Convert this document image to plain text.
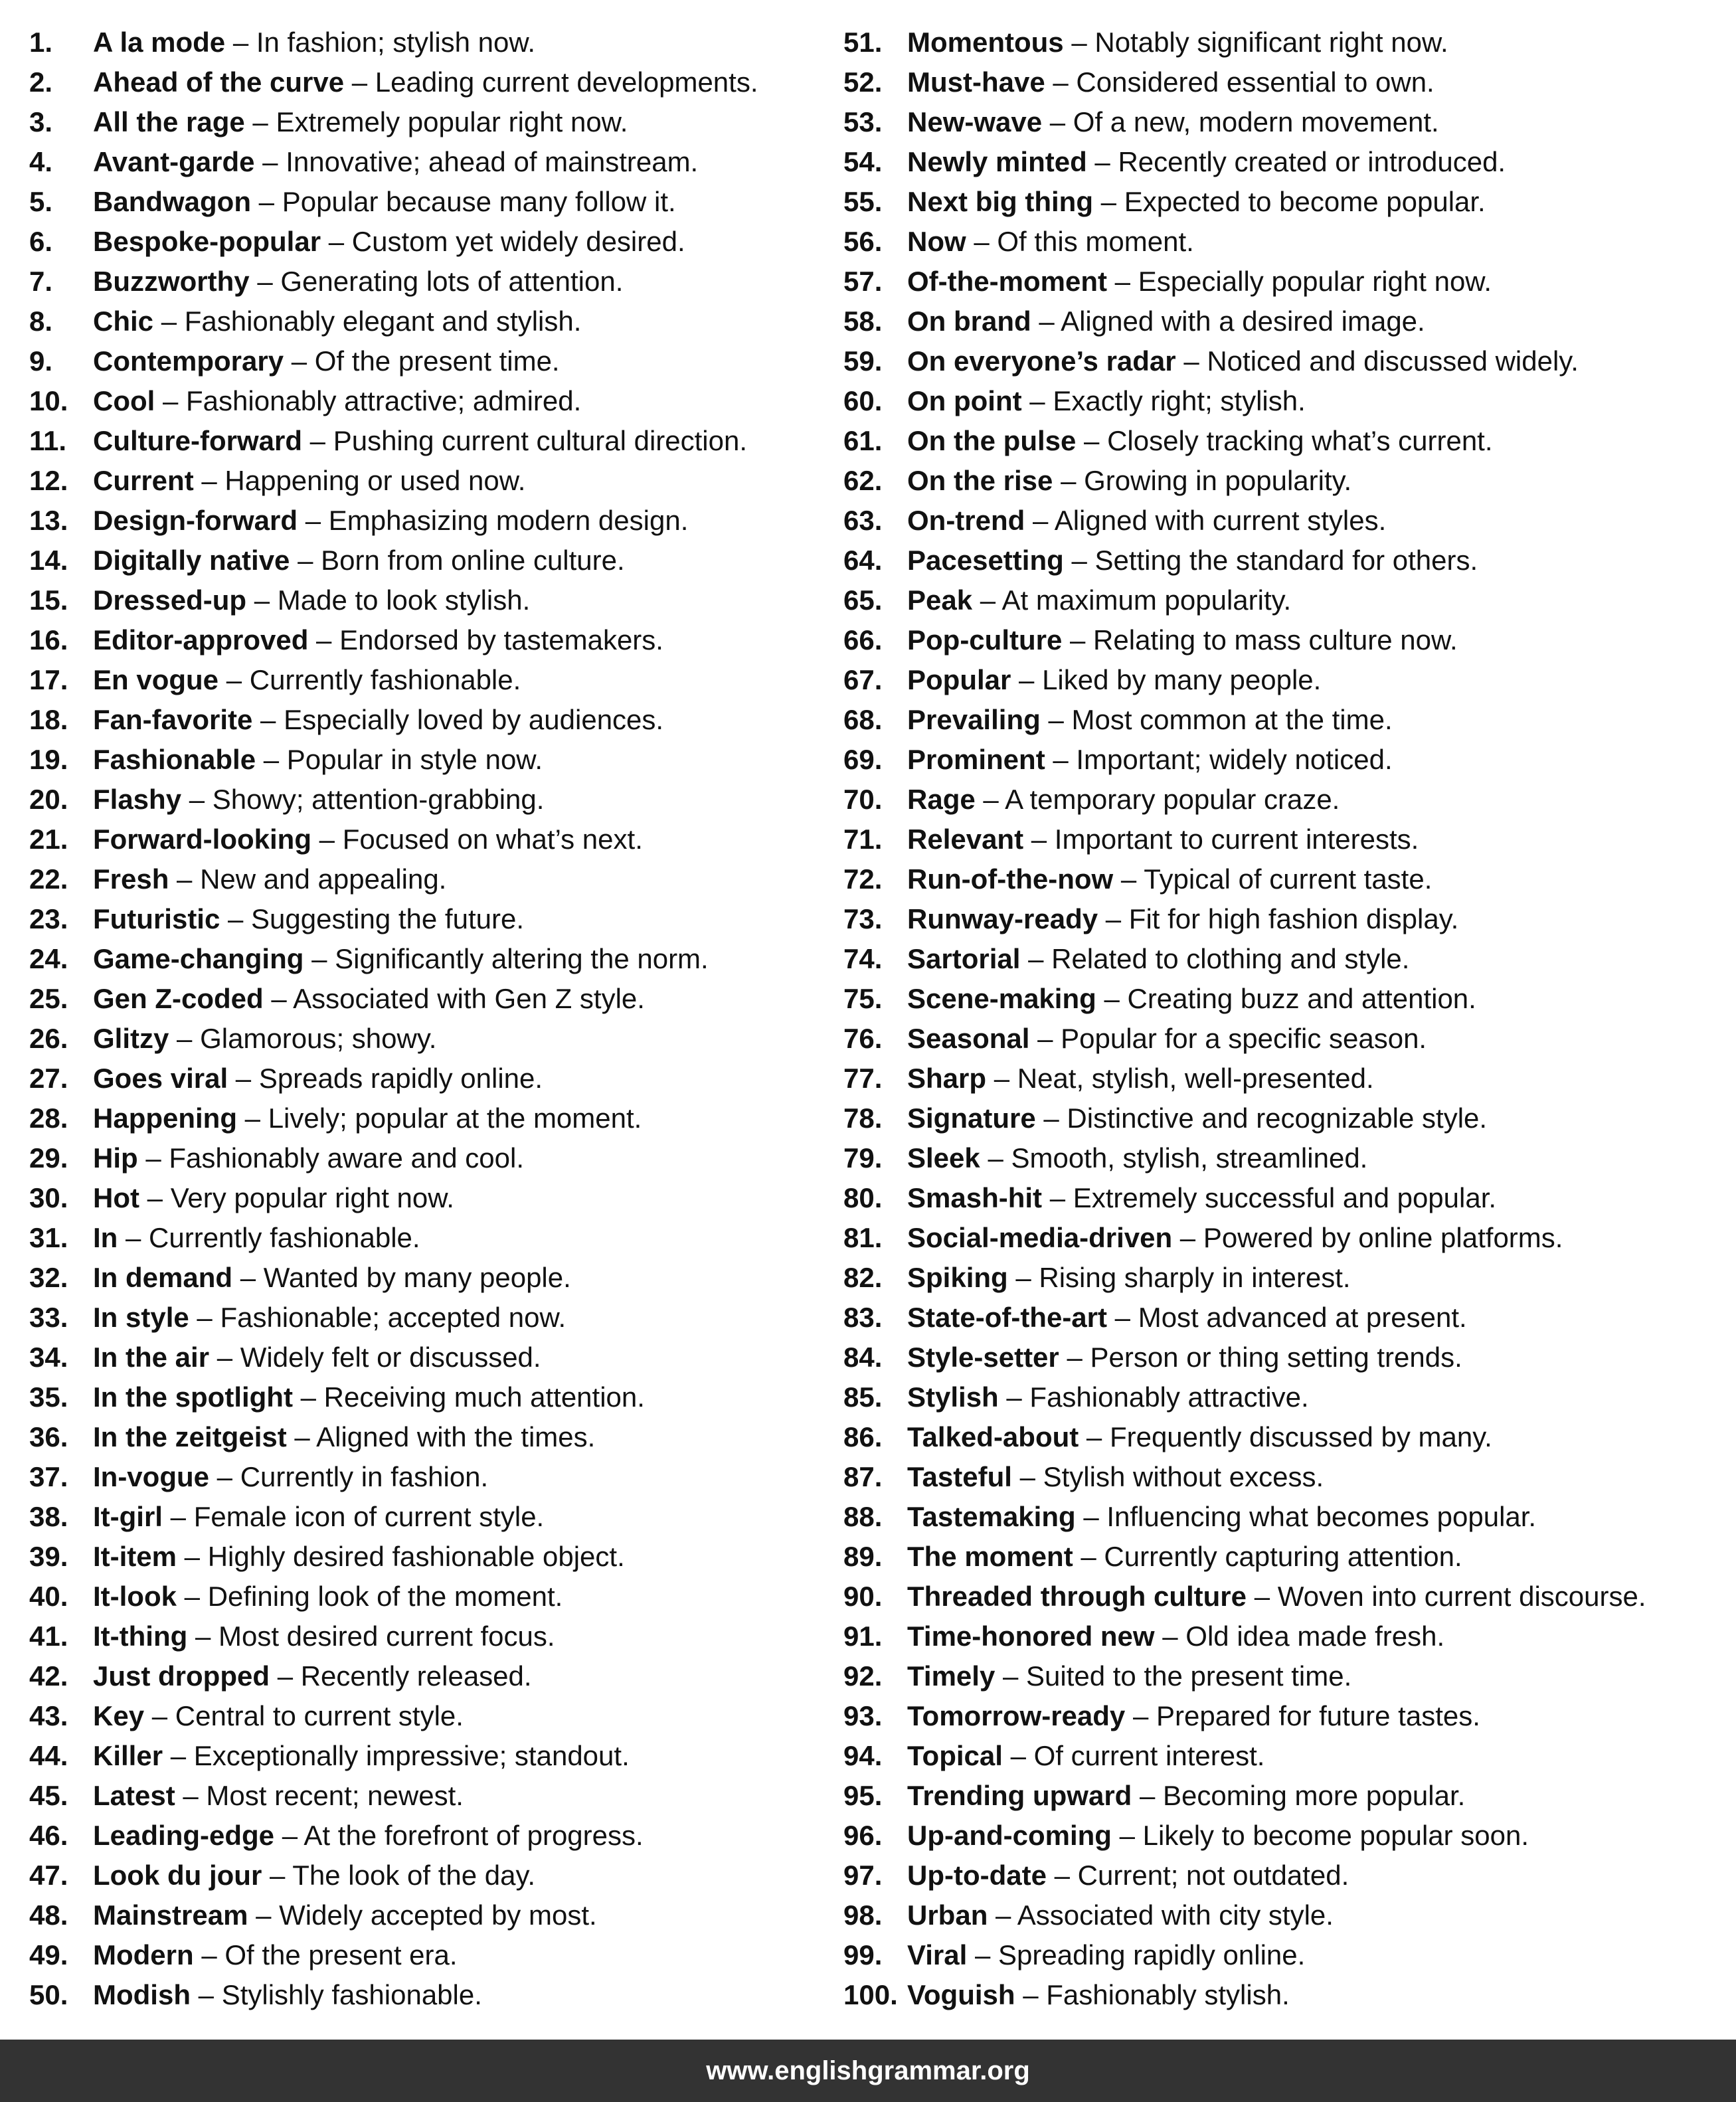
1. A la mode – In fashion; stylish now.
2. Ahead of the curve – Leading current developments.
3. All the rage – Extremely popular right now.
4. Avant-garde – Innovative; ahead of mainstream.
5. Bandwagon – Popular because many follow it.
6. Bespoke-popular – Custom yet widely desired.
7. Buzzworthy – Generating lots of attention.
8. Chic – Fashionably elegant and stylish.
9. Contemporary – Of the present time.
10. Cool – Fashionably attractive; admired.
11. Culture-forward – Pushing current cultural direction.
12. Current – Happening or used now.
13. Design-forward – Emphasizing modern design.
14. Digitally native – Born from online culture.
15. Dressed-up – Made to look stylish.
16. Editor-approved – Endorsed by tastemakers.
17. En vogue – Currently fashionable.
18. Fan-favorite – Especially loved by audiences.
19. Fashionable – Popular in style now.
20. Flashy – Showy; attention-grabbing.
21. Forward-looking – Focused on what’s next.
22. Fresh – New and appealing.
23. Futuristic – Suggesting the future.
24. Game-changing – Significantly altering the norm.
25. Gen Z-coded – Associated with Gen Z style.
26. Glitzy – Glamorous; showy.
27. Goes viral – Spreads rapidly online.
28. Happening – Lively; popular at the moment.
29. Hip – Fashionably aware and cool.
30. Hot – Very popular right now.
31. In – Currently fashionable.
32. In demand – Wanted by many people.
33. In style – Fashionable; accepted now.
34. In the air – Widely felt or discussed.
35. In the spotlight – Receiving much attention.
36. In the zeitgeist – Aligned with the times.
37. In-vogue – Currently in fashion.
38. It-girl – Female icon of current style.
39. It-item – Highly desired fashionable object.
40. It-look – Defining look of the moment.
41. It-thing – Most desired current focus.
42. Just dropped – Recently released.
43. Key – Central to current style.
44. Killer – Exceptionally impressive; standout.
45. Latest – Most recent; newest.
46. Leading-edge – At the forefront of progress.
47. Look du jour – The look of the day.
48. Mainstream – Widely accepted by most.
49. Modern – Of the present era.
50. Modish – Stylishly fashionable.
51. Momentous – Notably significant right now.
52. Must-have – Considered essential to own.
53. New-wave – Of a new, modern movement.
54. Newly minted – Recently created or introduced.
55. Next big thing – Expected to become popular.
56. Now – Of this moment.
57. Of-the-moment – Especially popular right now.
58. On brand – Aligned with a desired image.
59. On everyone’s radar – Noticed and discussed widely.
60. On point – Exactly right; stylish.
61. On the pulse – Closely tracking what’s current.
62. On the rise – Growing in popularity.
63. On-trend – Aligned with current styles.
64. Pacesetting – Setting the standard for others.
65. Peak – At maximum popularity.
66. Pop-culture – Relating to mass culture now.
67. Popular – Liked by many people.
68. Prevailing – Most common at the time.
69. Prominent – Important; widely noticed.
70. Rage – A temporary popular craze.
71. Relevant – Important to current interests.
72. Run-of-the-now – Typical of current taste.
73. Runway-ready – Fit for high fashion display.
74. Sartorial – Related to clothing and style.
75. Scene-making – Creating buzz and attention.
76. Seasonal – Popular for a specific season.
77. Sharp – Neat, stylish, well-presented.
78. Signature – Distinctive and recognizable style.
79. Sleek – Smooth, stylish, streamlined.
80. Smash-hit – Extremely successful and popular.
81. Social-media-driven – Powered by online platforms.
82. Spiking – Rising sharply in interest.
83. State-of-the-art – Most advanced at present.
84. Style-setter – Person or thing setting trends.
85. Stylish – Fashionably attractive.
86. Talked-about – Frequently discussed by many.
87. Tasteful – Stylish without excess.
88. Tastemaking – Influencing what becomes popular.
89. The moment – Currently capturing attention.
90. Threaded through culture – Woven into current discourse.
91. Time-honored new – Old idea made fresh.
92. Timely – Suited to the present time.
93. Tomorrow-ready – Prepared for future tastes.
94. Topical – Of current interest.
95. Trending upward – Becoming more popular.
96. Up-and-coming – Likely to become popular soon.
97. Up-to-date – Current; not outdated.
98. Urban – Associated with city style.
99. Viral – Spreading rapidly online.
100. Voguish – Fashionably stylish.
www.englishgrammar.org
